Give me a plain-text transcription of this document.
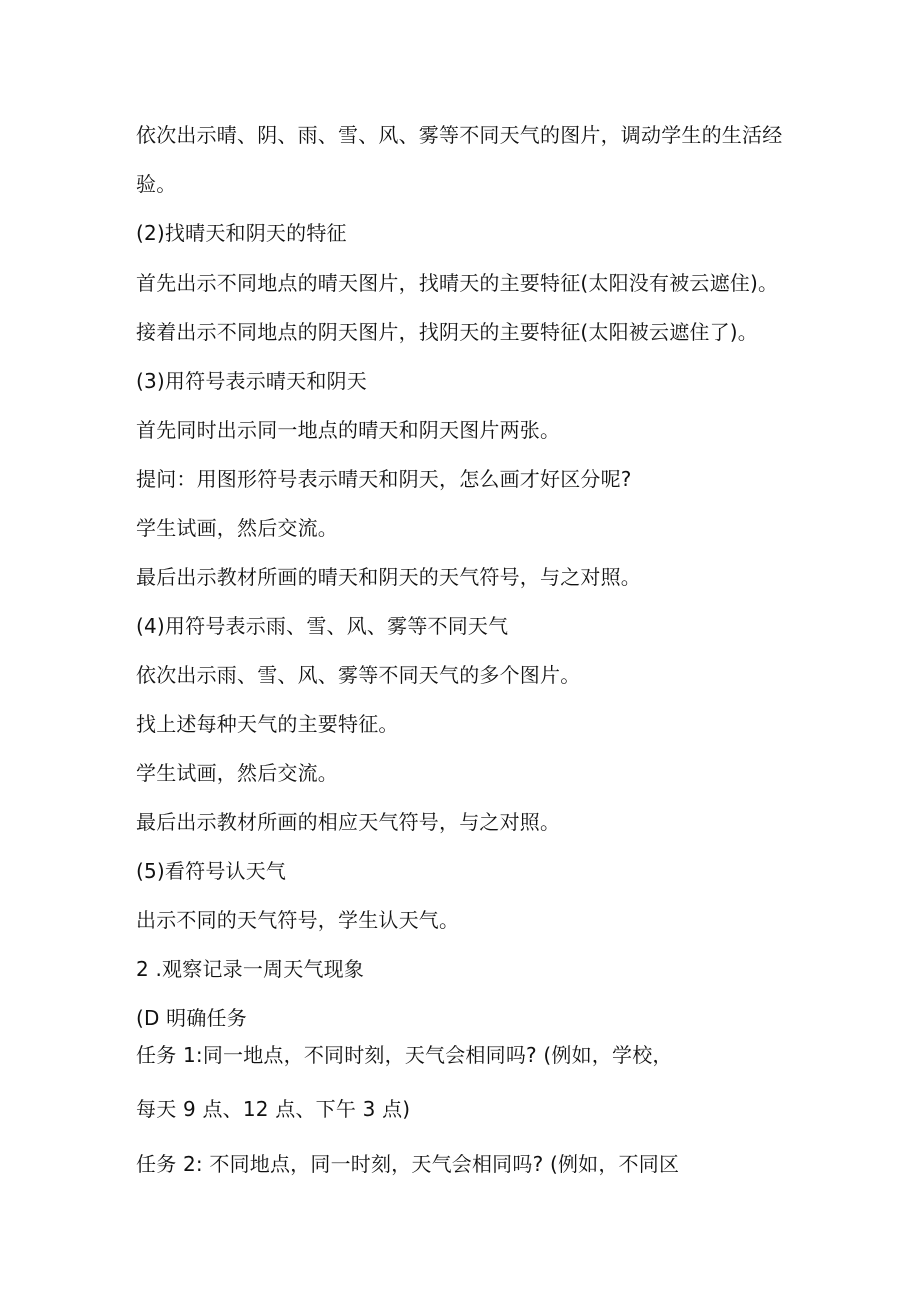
依次出示晴、阴、雨、雪、风、雾等不同天气的图片，调动学生的生活经
验。
(2)找晴天和阴天的特征
首先出示不同地点的晴天图片，找晴天的主要特征(太阳没有被云遮住)。
接着出示不同地点的阴天图片，找阴天的主要特征(太阳被云遮住了)。
(3)用符号表示晴天和阴天
首先同时出示同一地点的晴天和阴天图片两张。
提问：用图形符号表示晴天和阴天，怎么画才好区分呢?
学生试画，然后交流。
最后出示教材所画的晴天和阴天的天气符号，与之对照。
(4)用符号表示雨、雪、风、雾等不同天气
依次出示雨、雪、风、雾等不同天气的多个图片。
找上述每种天气的主要特征。
学生试画，然后交流。
最后出示教材所画的相应天气符号，与之对照。
(5)看符号认天气
出示不同的天气符号，学生认天气。
2 .观察记录一周天气现象
(D 明确任务
任务 1:同一地点，不同时刻，天气会相同吗? (例如，学校，
每天 9 点、12 点、下午 3 点)
任务 2: 不同地点，同一时刻，天气会相同吗? (例如，不同区
